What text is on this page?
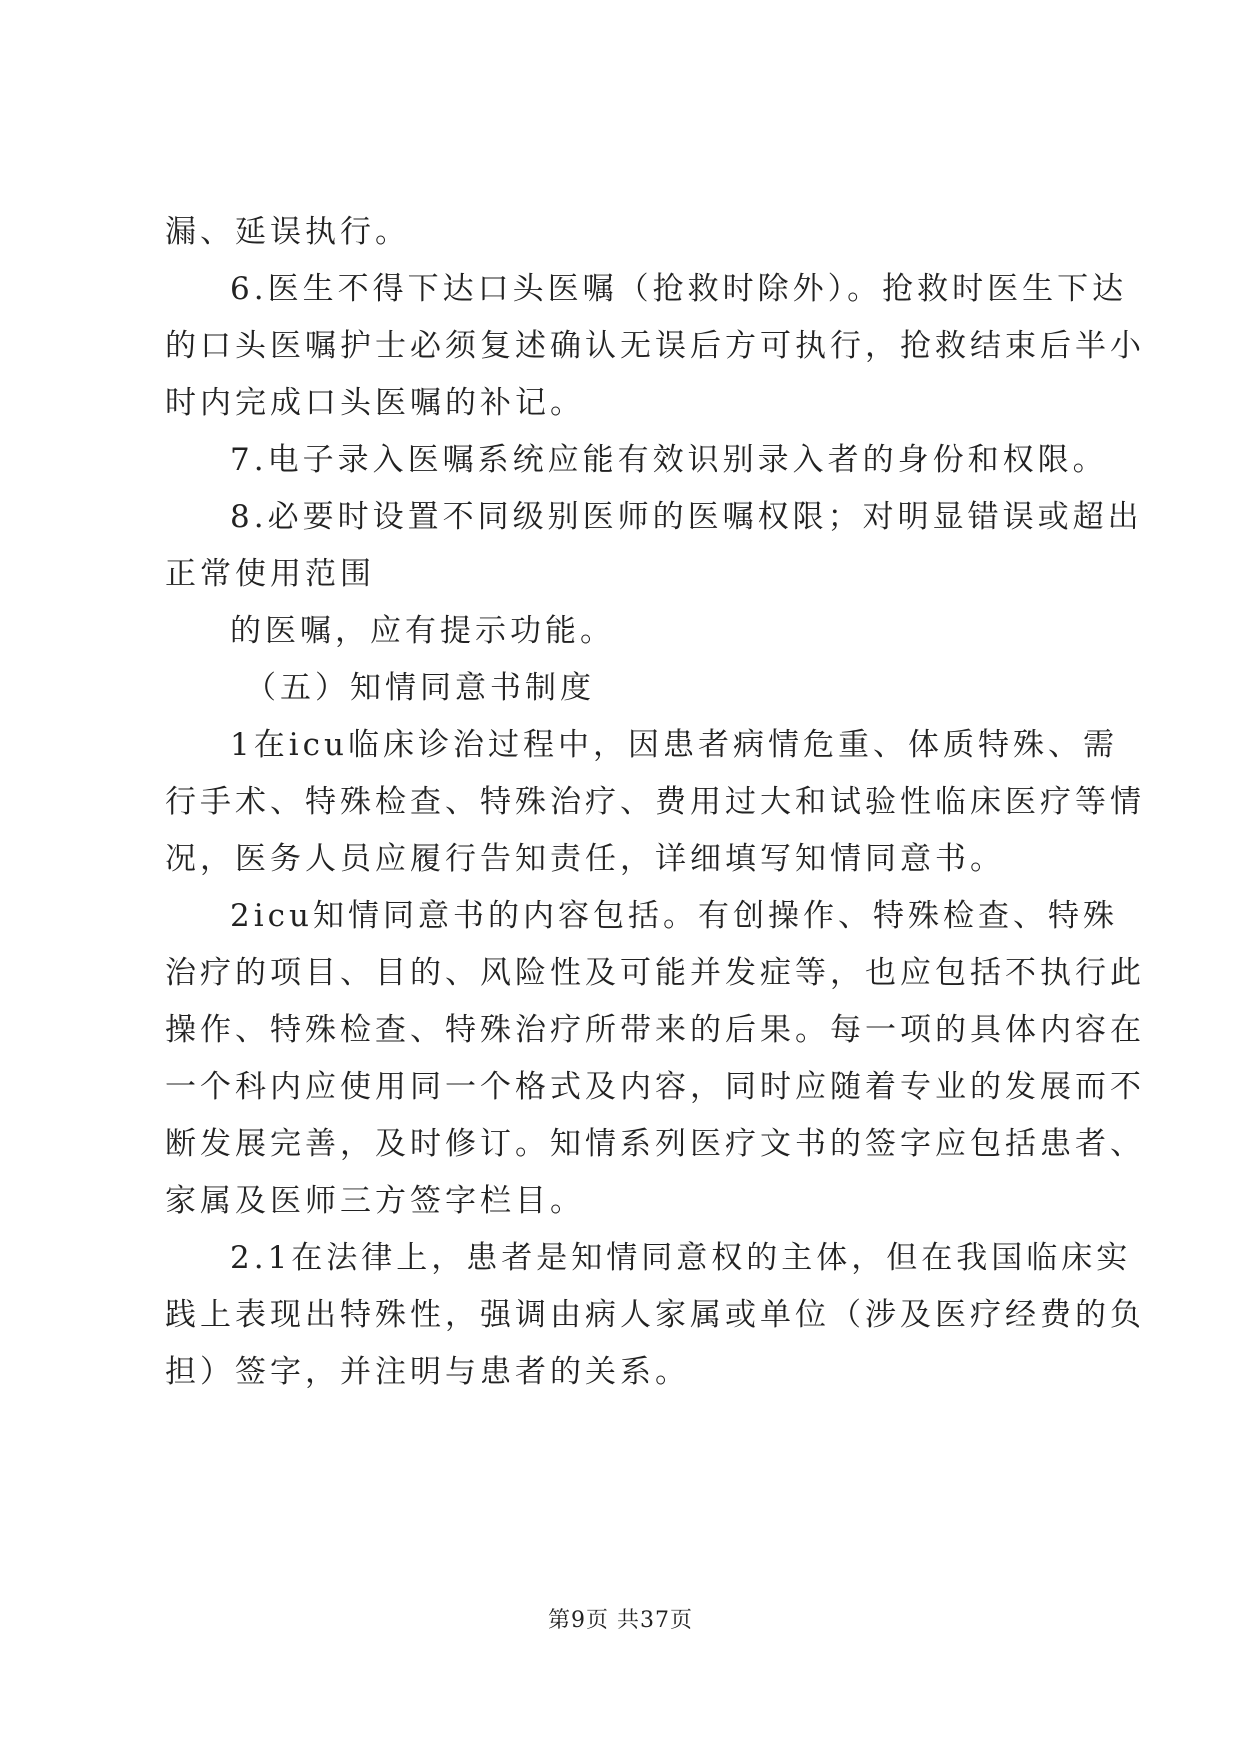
漏、延误执行。
6.医生不得下达口头医嘱（抢救时除外）。抢救时医生下达
的口头医嘱护士必须复述确认无误后方可执行，抢救结束后半小
时内完成口头医嘱的补记。
7.电子录入医嘱系统应能有效识别录入者的身份和权限。
8.必要时设置不同级别医师的医嘱权限；对明显错误或超出
正常使用范围
的医嘱，应有提示功能。
（五）知情同意书制度
1在icu临床诊治过程中，因患者病情危重、体质特殊、需
行手术、特殊检查、特殊治疗、费用过大和试验性临床医疗等情
况，医务人员应履行告知责任，详细填写知情同意书。
2icu知情同意书的内容包括。有创操作、特殊检查、特殊
治疗的项目、目的、风险性及可能并发症等，也应包括不执行此
操作、特殊检查、特殊治疗所带来的后果。每一项的具体内容在
一个科内应使用同一个格式及内容，同时应随着专业的发展而不
断发展完善，及时修订。知情系列医疗文书的签字应包括患者、
家属及医师三方签字栏目。
2.1在法律上，患者是知情同意权的主体，但在我国临床实
践上表现出特殊性，强调由病人家属或单位（涉及医疗经费的负
担）签字，并注明与患者的关系。
第9页 共37页
